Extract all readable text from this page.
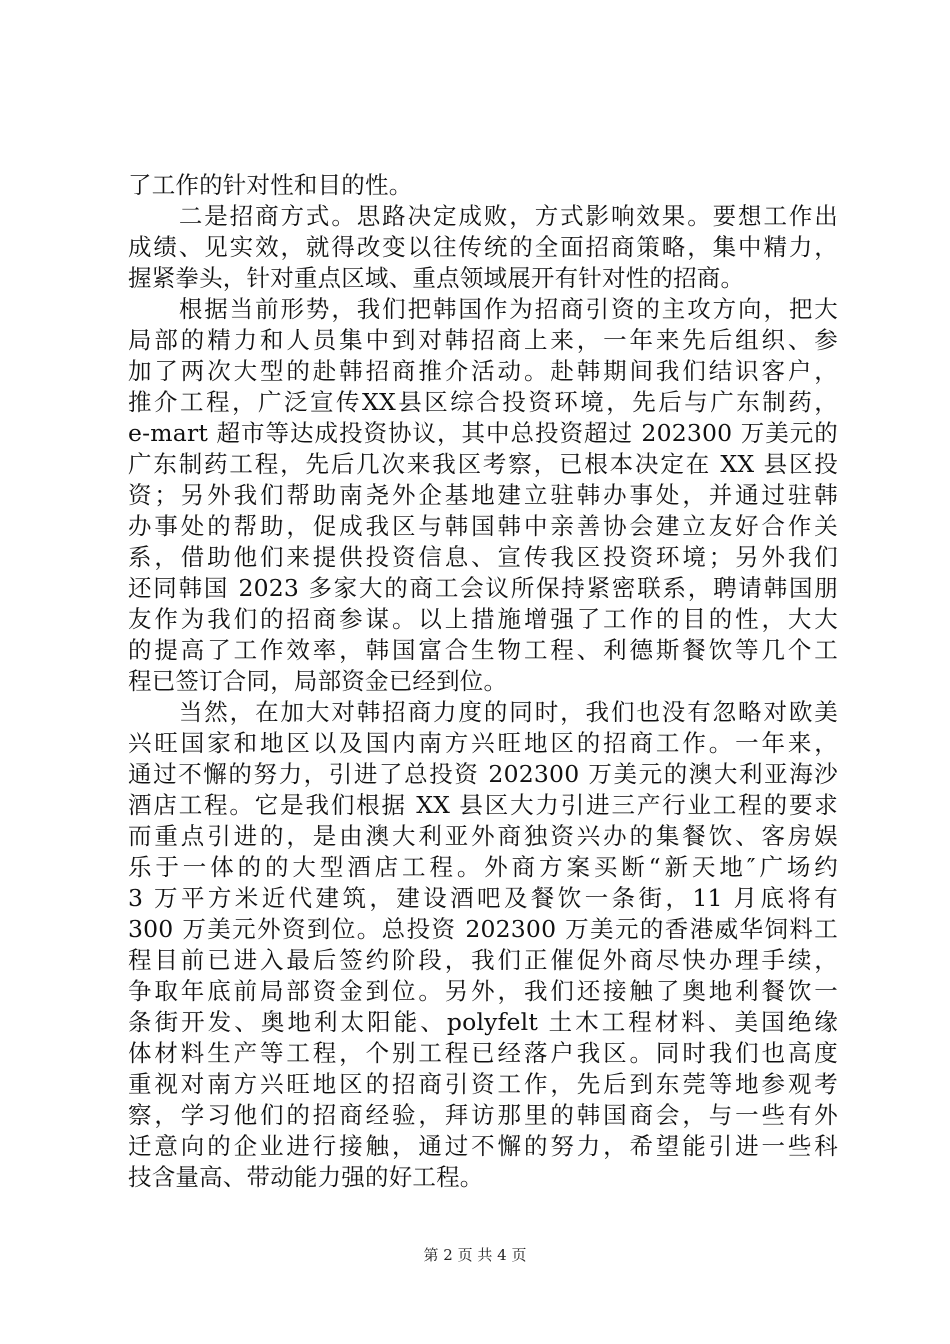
了工作的针对性和目的性。

　　二是招商方式。思路决定成败，方式影响效果。要想工作出
成绩、见实效，就得改变以往传统的全面招商策略，集中精力，
握紧拳头，针对重点区域、重点领域展开有针对性的招商。

　　根据当前形势，我们把韩国作为招商引资的主攻方向，把大
局部的精力和人员集中到对韩招商上来，一年来先后组织、参
加了两次大型的赴韩招商推介活动。赴韩期间我们结识客户，
推介工程，广泛宣传XX县区综合投资环境，先后与广东制药，
e-mart 超市等达成投资协议，其中总投资超过 202300 万美元的
广东制药工程，先后几次来我区考察，已根本决定在 XX 县区投
资；另外我们帮助南尧外企基地建立驻韩办事处，并通过驻韩
办事处的帮助，促成我区与韩国韩中亲善协会建立友好合作关
系，借助他们来提供投资信息、宣传我区投资环境；另外我们
还同韩国 2023 多家大的商工会议所保持紧密联系，聘请韩国朋
友作为我们的招商参谋。以上措施增强了工作的目的性，大大
的提高了工作效率，韩国富合生物工程、利德斯餐饮等几个工
程已签订合同，局部资金已经到位。

　　当然，在加大对韩招商力度的同时，我们也没有忽略对欧美
兴旺国家和地区以及国内南方兴旺地区的招商工作。一年来，
通过不懈的努力，引进了总投资 202300 万美元的澳大利亚海沙
酒店工程。它是我们根据 XX 县区大力引进三产行业工程的要求
而重点引进的，是由澳大利亚外商独资兴办的集餐饮、客房娱
乐于一体的的大型酒店工程。外商方案买断“新天地″广场约
3 万平方米近代建筑，建设酒吧及餐饮一条街，11 月底将有
300 万美元外资到位。总投资 202300 万美元的香港威华饲料工
程目前已进入最后签约阶段，我们正催促外商尽快办理手续，
争取年底前局部资金到位。另外，我们还接触了奥地利餐饮一
条街开发、奥地利太阳能、polyfelt 土木工程材料、美国绝缘
体材料生产等工程，个别工程已经落户我区。同时我们也高度
重视对南方兴旺地区的招商引资工作，先后到东莞等地参观考
察，学习他们的招商经验，拜访那里的韩国商会，与一些有外
迁意向的企业进行接触，通过不懈的努力，希望能引进一些科
技含量高、带动能力强的好工程。

第 2 页 共 4 页
